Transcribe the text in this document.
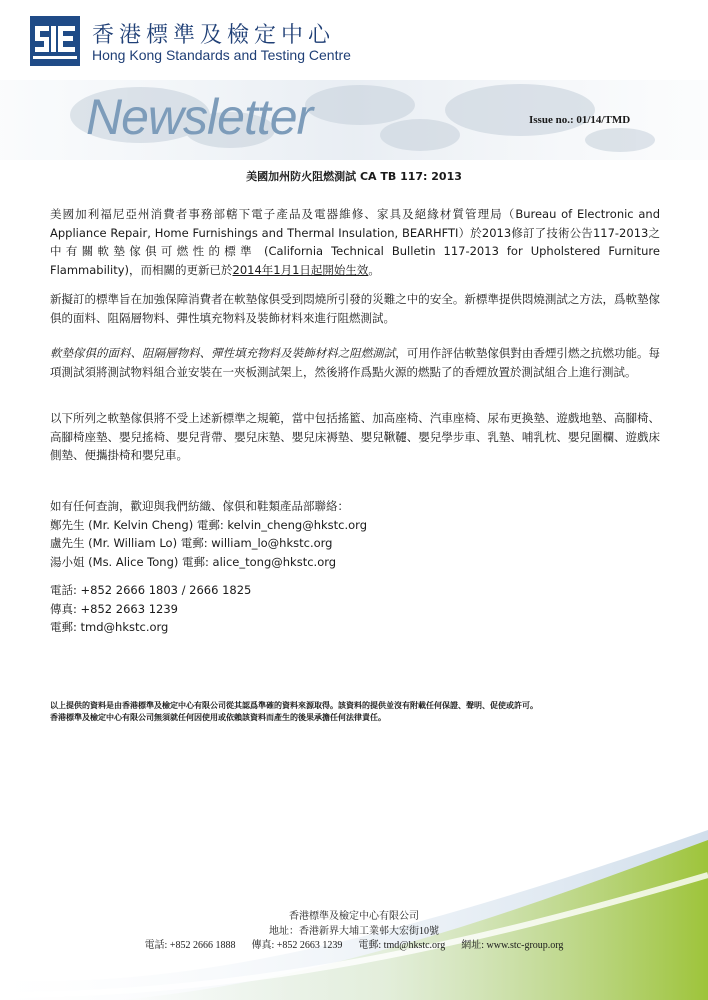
STC
香港標準及檢定中心
Hong Kong Standards and Testing Centre
Newsletter	Issue no.: 01/14/TMD
美國加州防火阻燃測試 CA TB 117: 2013
美國加利福尼亞州消費者事務部轄下電子產品及電器維修、家具及絕緣材質管理局（Bureau of Electronic and Appliance Repair, Home Furnishings and Thermal Insulation, BEARHFTI）於2013修訂了技術公告117-2013之中有關軟墊傢俱可燃性的標準 (California Technical Bulletin 117-2013 for Upholstered Furniture Flammability)，而相關的更新已於2014年1月1日起開始生效。
新擬訂的標準旨在加強保障消費者在軟墊傢俱受到悶燒所引發的災難之中的安全。新標準提供悶燒測試之方法，爲軟墊傢俱的面料、阻隔層物料、彈性填充物料及裝飾材料來進行阻燃測試。
軟墊傢俱的面料、阻隔層物料、彈性填充物料及裝飾材料之阻燃測試，可用作評估軟墊傢俱對由香煙引燃之抗燃功能。每項測試須將測試物料組合並安裝在一夾板測試架上，然後將作爲點火源的燃點了的香煙放置於測試組合上進行測試。
以下所列之軟墊傢俱將不受上述新標準之規範，當中包括搖籃、加高座椅、汽車座椅、尿布更換墊、遊戲地墊、高腳椅、高腳椅座墊、嬰兒搖椅、嬰兒背帶、嬰兒床墊、嬰兒床褥墊、嬰兒鞦韆、嬰兒學步車、乳墊、哺乳枕、嬰兒圍欄、遊戲床側墊、便攜掛椅和嬰兒車。

如有任何查詢，歡迎與我們紡織、傢俱和鞋類產品部聯絡：

鄭先生 (Mr. Kelvin Cheng) 電郵: kelvin_cheng@hkstc.org

盧先生 (Mr. William Lo) 電郵: william_lo@hkstc.org

湯小姐 (Ms. Alice Tong) 電郵: alice_tong@hkstc.org

電話: +852 2666 1803 / 2666 1825

傳真: +852 2663 1239

電郵: tmd@hkstc.org

以上提供的資料是由香港標準及檢定中心有限公司從其認爲準確的資料來源取得。該資料的提供並沒有附載任何保證、聲明、促使或許可。

香港標準及檢定中心有限公司無須就任何因使用或依賴該資料而產生的後果承擔任何法律責任。

香港標準及檢定中心有限公司
地址：香港新界大埔工業邨大宏街10號
電話: +852 2666 1888 傳真: +852 2663 1239 電郵: tmd@hkstc.org 網址: www.stc-group.org
